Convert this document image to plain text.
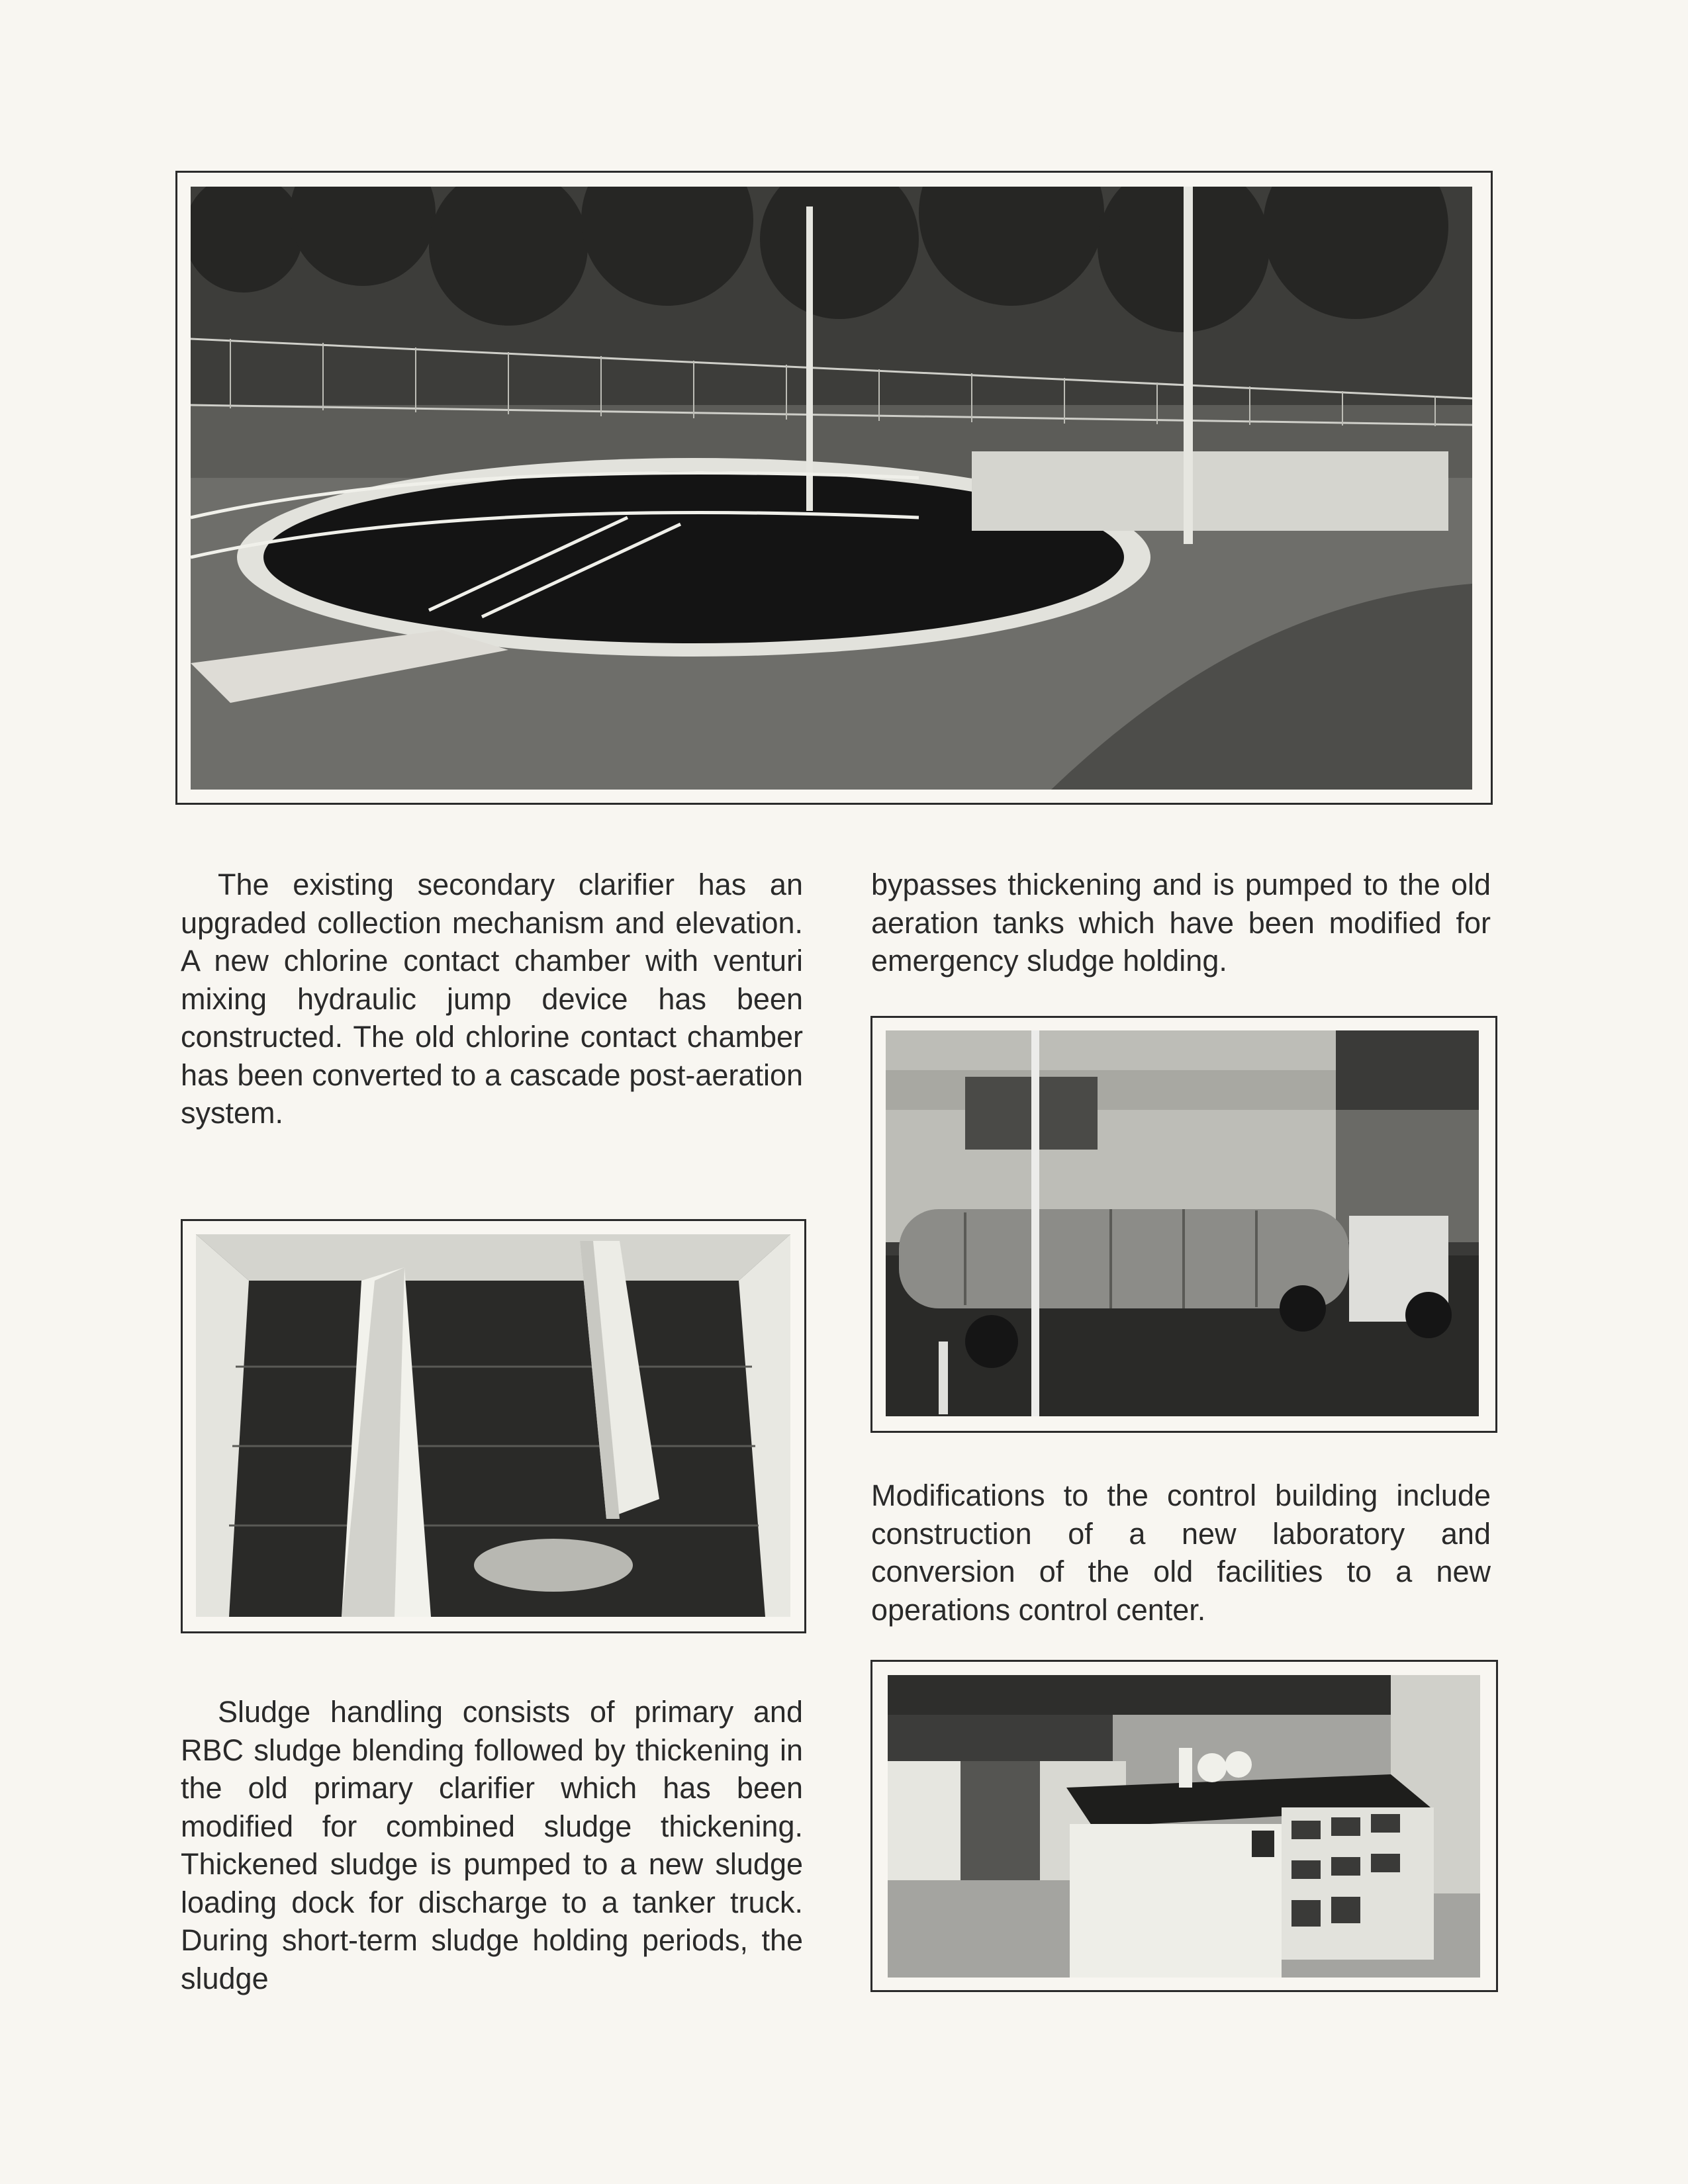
The existing secondary clarifier has an upgraded collection mechanism and elevation. A new chlorine contact chamber with venturi mixing hydraulic jump device has been constructed. The old chlorine contact chamber has been converted to a cascade post-aeration system.

bypasses thickening and is pumped to the old aeration tanks which have been modified for emergency sludge holding.

Sludge handling consists of primary and RBC sludge blending followed by thickening in the old primary clarifier which has been modified for combined sludge thickening. Thickened sludge is pumped to a new sludge loading dock for discharge to a tanker truck. During short-term sludge holding periods, the sludge

Modifications to the control building include construction of a new laboratory and conversion of the old facilities to a new operations control center.
